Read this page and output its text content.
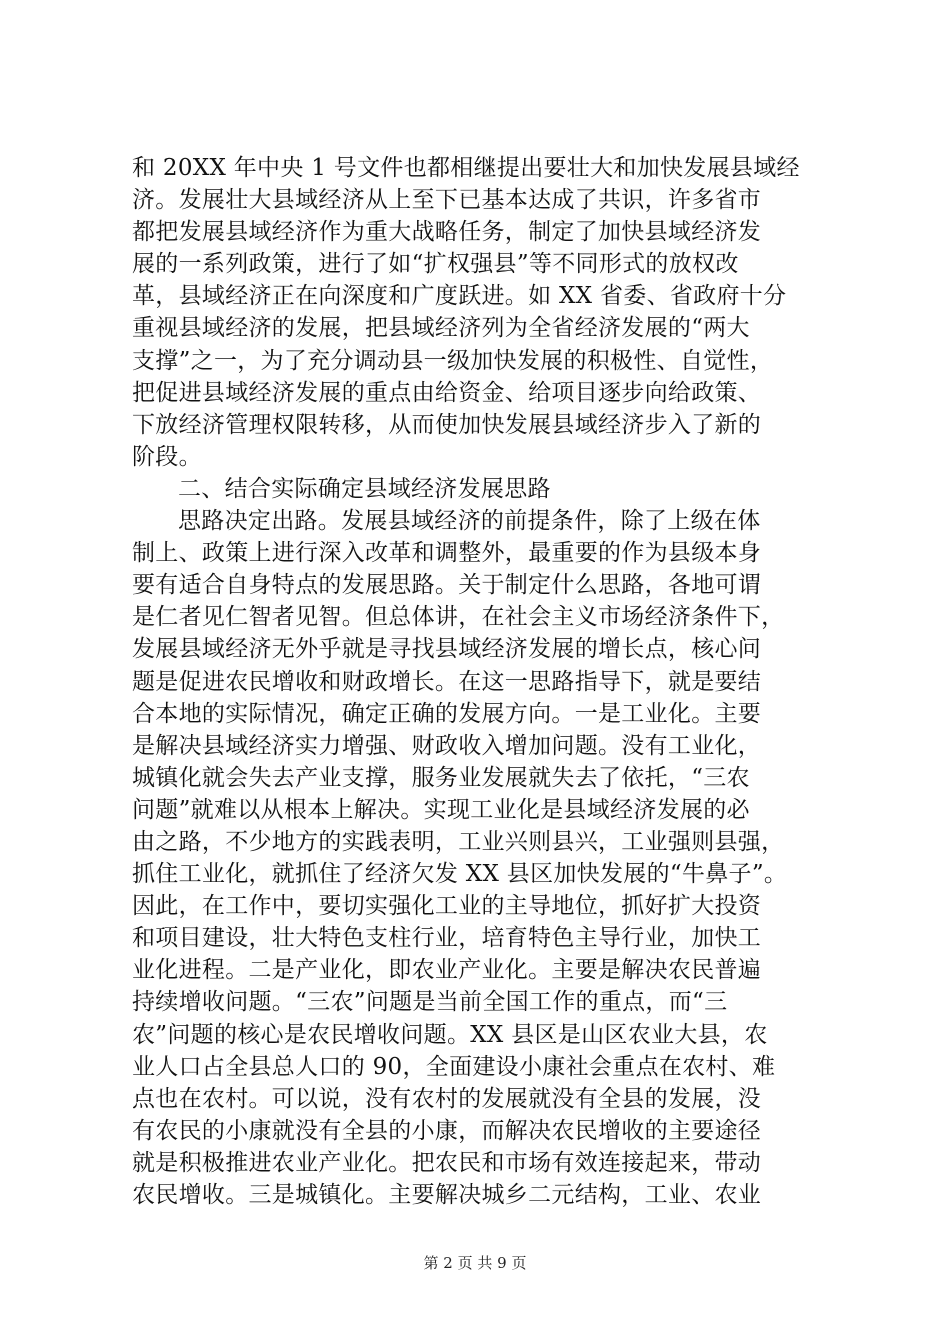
和 20XX 年中央 1 号文件也都相继提出要壮大和加快发展县域经
济。发展壮大县域经济从上至下已基本达成了共识，许多省市
都把发展县域经济作为重大战略任务，制定了加快县域经济发
展的一系列政策，进行了如“扩权强县”等不同形式的放权改
革，县域经济正在向深度和广度跃进。如 XX 省委、省政府十分
重视县域经济的发展，把县域经济列为全省经济发展的“两大
支撑”之一，为了充分调动县一级加快发展的积极性、自觉性，
把促进县域经济发展的重点由给资金、给项目逐步向给政策、
下放经济管理权限转移，从而使加快发展县域经济步入了新的
阶段。
二、结合实际确定县域经济发展思路
思路决定出路。发展县域经济的前提条件，除了上级在体
制上、政策上进行深入改革和调整外，最重要的作为县级本身
要有适合自身特点的发展思路。关于制定什么思路，各地可谓
是仁者见仁智者见智。但总体讲，在社会主义市场经济条件下，
发展县域经济无外乎就是寻找县域经济发展的增长点，核心问
题是促进农民增收和财政增长。在这一思路指导下，就是要结
合本地的实际情况，确定正确的发展方向。一是工业化。主要
是解决县域经济实力增强、财政收入增加问题。没有工业化，
城镇化就会失去产业支撑，服务业发展就失去了依托，“三农
问题”就难以从根本上解决。实现工业化是县域经济发展的必
由之路，不少地方的实践表明，工业兴则县兴，工业强则县强，
抓住工业化，就抓住了经济欠发 XX 县区加快发展的“牛鼻子”。
因此，在工作中，要切实强化工业的主导地位，抓好扩大投资
和项目建设，壮大特色支柱行业，培育特色主导行业，加快工
业化进程。二是产业化，即农业产业化。主要是解决农民普遍
持续增收问题。“三农”问题是当前全国工作的重点，而“三
农”问题的核心是农民增收问题。XX 县区是山区农业大县，农
业人口占全县总人口的 90，全面建设小康社会重点在农村、难
点也在农村。可以说，没有农村的发展就没有全县的发展，没
有农民的小康就没有全县的小康，而解决农民增收的主要途径
就是积极推进农业产业化。把农民和市场有效连接起来，带动
农民增收。三是城镇化。主要解决城乡二元结构，工业、农业
第 2 页 共 9 页
